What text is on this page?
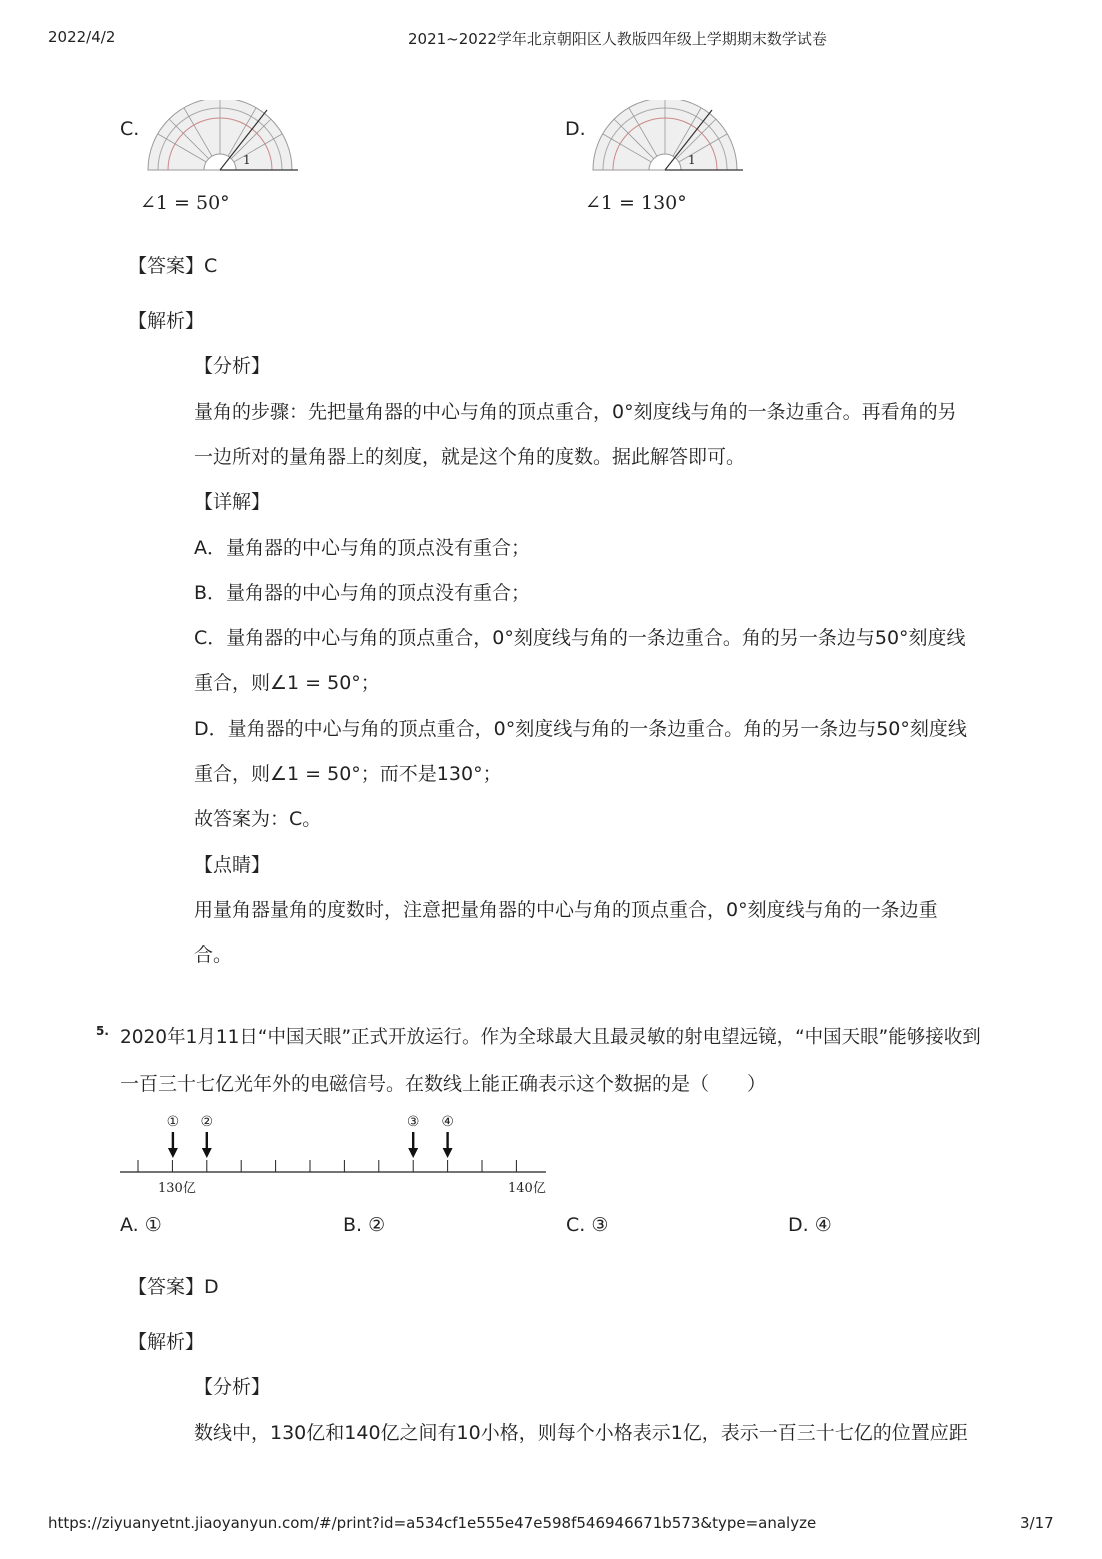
2022/4/2	2021~2022学年北京朝阳区人教版四年级上学期期末数学试卷
C.
1
∠1 = 50°
D.
1
∠1 = 130°
【答案】C
【解析】
【分析】
量角的步骤：先把量角器的中心与角的顶点重合，0°刻度线与角的一条边重合。再看角的另
一边所对的量角器上的刻度，就是这个角的度数。据此解答即可。
【详解】
A．量角器的中心与角的顶点没有重合；
B．量角器的中心与角的顶点没有重合；
C．量角器的中心与角的顶点重合，0°刻度线与角的一条边重合。角的另一条边与50°刻度线
重合，则∠1 = 50°；
D．量角器的中心与角的顶点重合，0°刻度线与角的一条边重合。角的另一条边与50°刻度线
重合，则∠1 = 50°；而不是130°；
故答案为：C。
【点睛】
用量角器量角的度数时，注意把量角器的中心与角的顶点重合，0°刻度线与角的一条边重
合。
5. 2020年1月11日“中国天眼”正式开放运行。作为全球最大且最灵敏的射电望远镜，“中国天眼”能够接收到
一百三十七亿光年外的电磁信号。在数线上能正确表示这个数据的是（　　）
① ②	③ ④
130亿	140亿
A. ①	B. ②	C. ③	D. ④
【答案】D
【解析】
【分析】
数线中，130亿和140亿之间有10小格，则每个小格表示1亿，表示一百三十七亿的位置应距
https://ziyuanyetnt.jiaoyanyun.com/#/print?id=a534cf1e555e47e598f546946671b573&type=analyze	3/17
